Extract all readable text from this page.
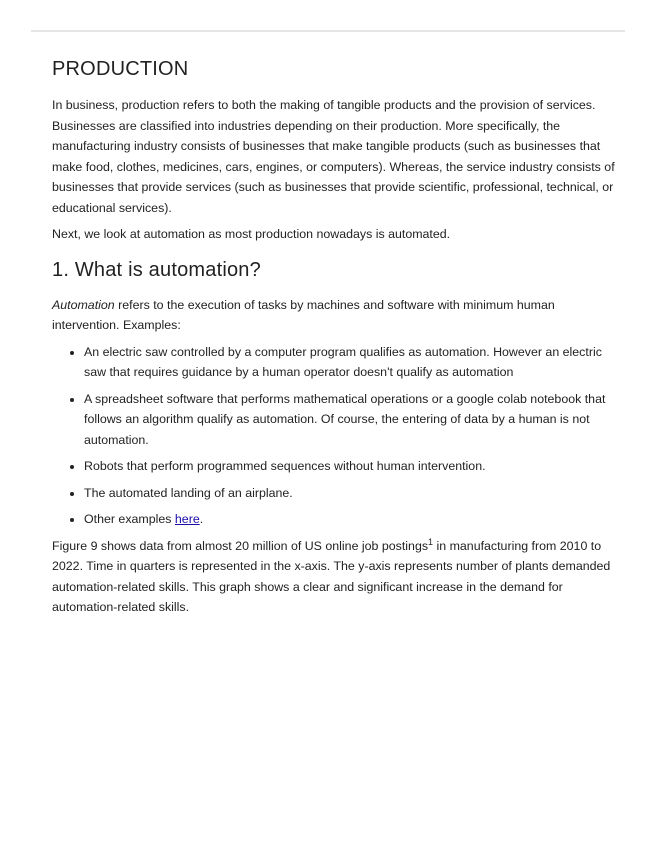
PRODUCTION

In business, production refers to both the making of tangible products and the provision of services. Businesses are classified into industries depending on their production. More specifically, the manufacturing industry consists of businesses that make tangible products (such as businesses that make food, clothes, medicines, cars, engines, or computers). Whereas, the service industry consists of businesses that provide services (such as businesses that provide scientific, professional, technical, or educational services).

Next, we look at automation as most production nowadays is automated.

1. What is automation?

Automation refers to the execution of tasks by machines and software with minimum human intervention. Examples:

• An electric saw controlled by a computer program qualifies as automation. However an electric saw that requires guidance by a human operator doesn't qualify as automation
• A spreadsheet software that performs mathematical operations or a google colab notebook that follows an algorithm qualify as automation. Of course, the entering of data by a human is not automation.
• Robots that perform programmed sequences without human intervention.
• The automated landing of an airplane.
• Other examples here.

Figure 9 shows data from almost 20 million of US online job postings$^1$ in manufacturing from 2010 to 2022. Time in quarters is represented in the x-axis. The y-axis represents number of plants demanded automation-related skills. This graph shows a clear and significant increase in the demand for automation-related skills.
